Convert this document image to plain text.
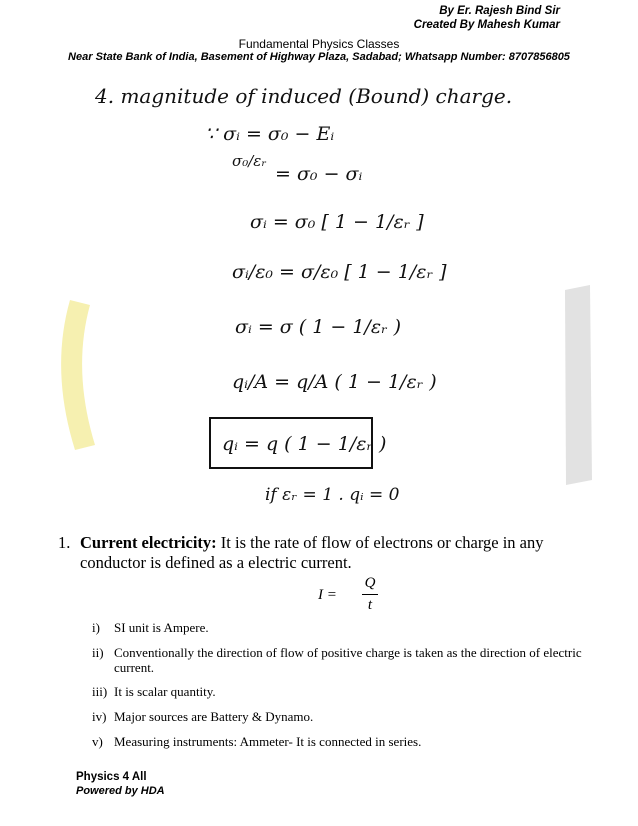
By Er. Rajesh Bind Sir
Created By Mahesh Kumar
Fundamental Physics Classes
Near State Bank of India, Basement of Highway Plaza, Sadabad; Whatsapp Number: 8707856805
4. magnitude of induced (Bound) charge.
∵ σᵢ = σ₀ − Eᵢ
σ₀/εᵣ
= σ₀ − σᵢ
σᵢ = σ₀ [ 1 − 1/εᵣ ]
σᵢ/ε₀ = σ/ε₀ [ 1 − 1/εᵣ ]
σᵢ = σ ( 1 − 1/εᵣ )
qᵢ/A = q/A ( 1 − 1/εᵣ )
qᵢ = q ( 1 − 1/εᵣ )
if εᵣ = 1 . qᵢ = 0
1. Current electricity: It is the rate of flow of electrons or charge in any conductor is defined as a electric current.
I =
Q
t
i) SI unit is Ampere.
ii) Conventionally the direction of flow of positive charge is taken as the direction of electric current.
iii) It is scalar quantity.
iv) Major sources are Battery & Dynamo.
v) Measuring instruments: Ammeter- It is connected in series.
Physics 4 All
Powered by HDA
